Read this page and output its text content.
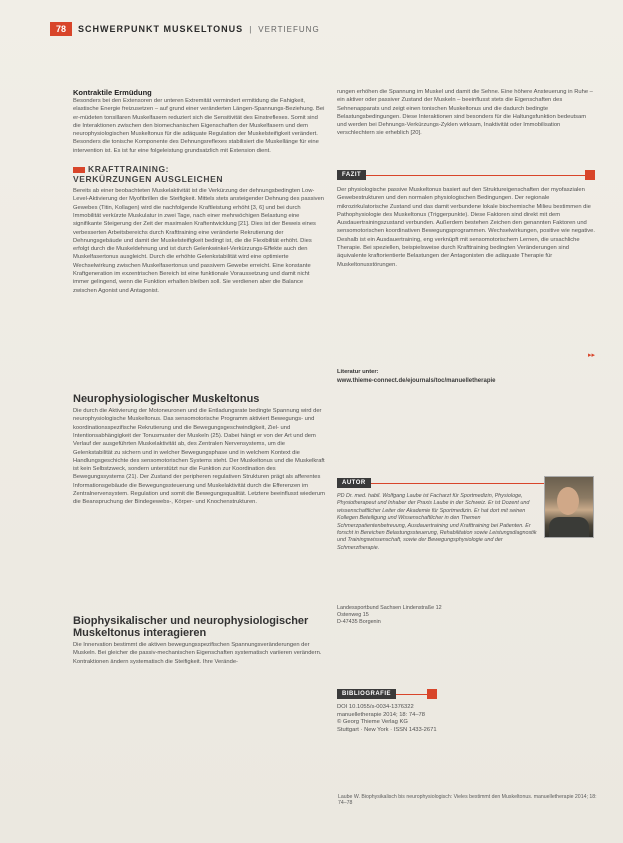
78	SCHWERPUNKT MUSKELTONUS | VERTIEFUNG
Kontraktile Ermüdung

Besonders bei den Extensoren der unteren Extremität vermindert ermitidung die Fahigkeit, elastische Energie freizusetzen – auf grund einer veränderten Längen-Spannungs-Beziehung. Bei er-müdeten tonsillaren Muskelfasern reduziert sich die Sensitivität des Einstreflexes. Somit sind die Interaktionen zwischen den biomechanischen Eigenschaften der Muskelfasern und dem neurophysiologischen Muskeltonus für die adäquate Regulation der Muskelsteifigkeit verändert. Besonders die tonische Komponente des Dehnungsreflexes stabilisiert die Muskellänge für eine intervention ist. Es ist fur eine folgeleistung grundsatzlich mit Extension dient.

KRAFTTRAINING:
VERKÜRZUNGEN AUSGLEICHEN

Bereits ab einer beobachteten Muskelaktivität ist die Verkürzung der dehnungsbedingten Low-Level-Aktivierung der Myofibrillen die Steifigkeit. Mittels stets ansteigender Dehnung des passiven Gewebes (Titin, Kollagen) wird die nachfolgende Kraftleistung erhöht [3, 6] und bei durch Immobilität verkürzte Muskulatur in zwei Tage, nach einer mehrwöchigen Belastung eine signifikante Steigerung der Zeit der maximalen Kraftentwicklung [21]. Dies ist der Beweis eines verbesserten Arbeitsbereichs durch Krafttraining eine veränderte Rekrutierung der Dehnungsgebäude und damit der Muskelsteifigkeit bedingt ist, die die Flexibilität erhöht. Dies erfolgt durch die Muskeldehnung und ist durch Gelenkwinkel-Verkürzungs-Effekte auch den Muskelfasertonus ausgleicht. Durch die erhöhte Gelenkstabilität wird eine optimierte Wechselwirkung zwischen Muskelfasertonus und passivem Gewebe erreicht. Eine konstante Kraftgeneration im exzentrischen Bereich ist eine funktionale Voraussetzung und damit nicht immer gelingend, wenn die Funktion erhalten bleiben soll. Sie verdienen aber die Balance zwischen Agonist und Antagonist.

Neurophysiologischer Muskeltonus

Die durch die Aktivierung der Motoneuronen und die Entladungsrate bedingte Spannung wird der neurophysiologische Muskeltonus. Das sensomotorische Programm aktiviert Bewegungs- und koordinationsspezifische Rekrutierung und die Bewegungsgeschwindigkeit, Ziel- und Intentionsabhängigkeit der Tonusmuster der Muskeln (25). Dabei hängt er von der Art und dem Verlauf der ausgeführten Muskelaktivität ab, des Zentralen Nervensystems, um die Gelenkstabilität zu sichern und in welcher Bewegungsphase und in welchem Kontext die Handlungsgeschichte des sensomotorischen Systems steht. Der Muskeltonus und die Muskelkraft ist kein Selbstzweck, sondern unterstützt nur die Funktion zur Koordination des Bewegungssystems (21). Der Zustand der peripheren regulativen Strukturen prägt als afferentes Informationsgebäude die Bewegungssteuerung und Muskelaktivität durch die Efferenzen im Zentralnervensystem. Regulation und somit die Bewegungsqualität. Letztere beeinflusst wiederum die Beanspruchung der Bindegewebs-, Körper- und Knochenstrukturen.

Biophysikalischer und neurophysiologischer
Muskeltonus interagieren

Die Innervation bestimmt die aktiven bewegungsspezifischen Spannungsveränderungen der Muskeln. Bei gleicher die passiv-mechanischen Eigenschaften systematisch variieren verändern. Kontraktionen ändern systematisch die Steifigkeit. Ihre Verände-

rungen erhöhen die Spannung im Muskel und damit die Sehne. Eine höhere Ansteuerung in Ruhe – ein aktiver oder passiver Zustand der Muskeln – beeinflusst stets die Eigenschaften des Sehnenapparats und zeigt einen tonischen Muskeltonus und die dadurch bedingte Belastungsbedingungen. Diese Interaktionen sind besonders für die Haltungsfunktion bedeutsam und werden bei Dehnungs-Verkürzungs-Zyklen wirksam, Inaktivität oder Immobilisation verschlechtern sie erheblich [20].

FAZIT

Der physiologische passive Muskeltonus basiert auf den Struktureigenschaften der myofaszialen Gewebestrukturen und den normalen physiologischen Bedingungen. Der regionale mikrozirkulatorische Zustand und das damit verbundene lokale biochemische Milieu bestimmen die Pathophysiologie des Muskeltonus (Triggerpunkte). Diese Faktoren sind direkt mit dem Ausdauertrainingszustand verbunden. Außerdem bestehen Zeichen den genannten Faktoren und sensomotorischen koordinativen Bewegungsprogrammen. Wechselwirkungen, positive wie negative. Deshalb ist ein Ausdauertraining, eng verknüpft mit sensomotorischem Lernen, die ursachliche Therapie. Bei speziellen, beispielsweise durch Krafttraining bedingten Veränderungen sind äquivalente kraftorientierte Belastungen der Antagonisten die adäquate Therapie für Muskeltonusstörungen.

▸▸
Literatur unter:
www.thieme-connect.de/ejournals/toc/manuelletherapie
AUTOR

PD Dr. med. habil. Wolfgang Laube ist Facharzt für Sportmedizin, Physiologe, Physiotherapeut und Inhaber der Praxis Laube in der Schweiz. Er ist Dozent und wissenschaftlicher Leiter der Akademie für Sportmedizin. Er hat dort mit seinen Kollegen Beteiligung und Wissenschaftlicher in den Themen Schmerzpatientenbetreuung, Ausdauertraining und Krafttraining bei Patienten. Er forscht in Bereichen Belastungssteuerung, Rehabilitation sowie Leistungsdiagnostik und Trainingswissenschaft, sowie der Bewegungsphysiologie und der Schmerztherapie.

Landessportbund Sachsen Lindenstraße 12

Ostenweg 15

D-47435 Borgenin

BIBLIOGRAFIE

DOI 10.1055/s-0034-1376322

manuelletherapie 2014; 18: 74–78

© Georg Thieme Verlag KG

Stuttgart · New York · ISSN 1433-2671

Laube W. Biophysikalisch bis neurophysiologisch: Vieles bestimmt den Muskeltonus. manuelletherapie 2014; 18: 74–78
